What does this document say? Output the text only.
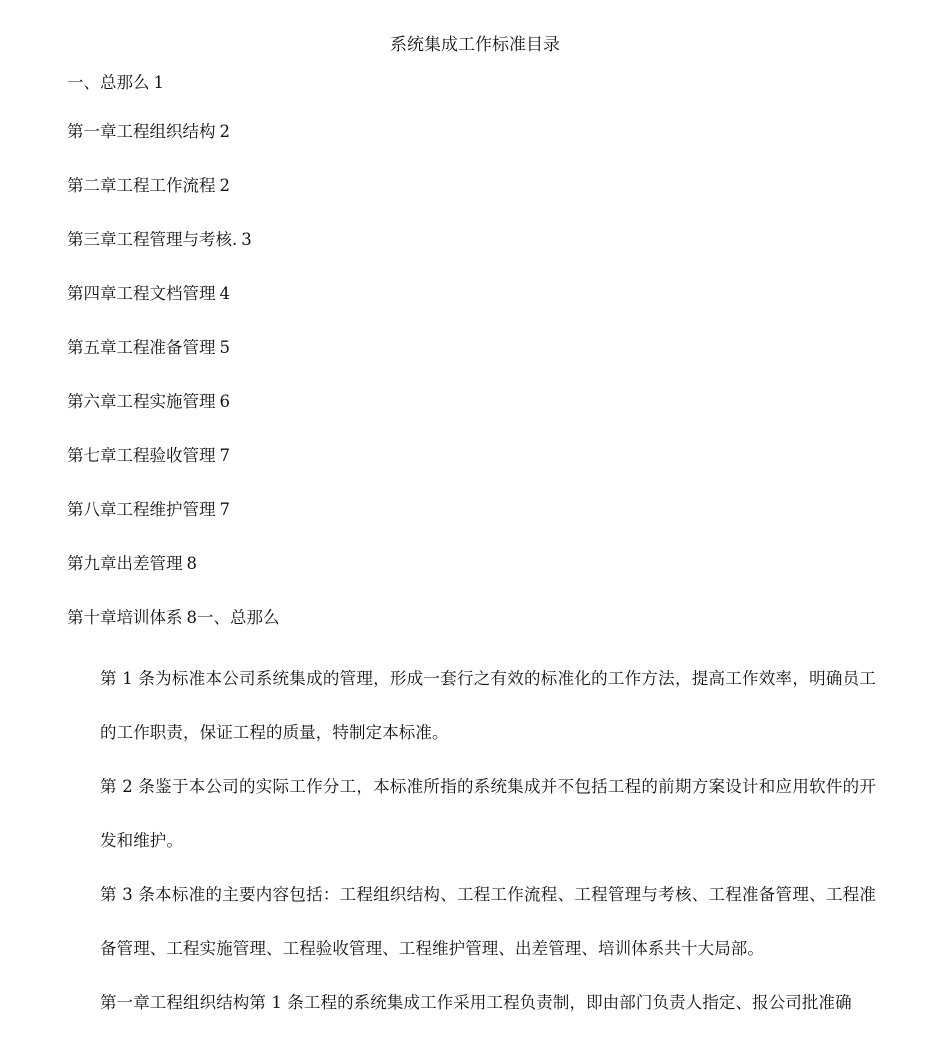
系统集成工作标准目录
一、总那么 1
第一章工程组织结构 2
第二章工程工作流程 2
第三章工程管理与考核. 3
第四章工程文档管理 4
第五章工程准备管理 5
第六章工程实施管理 6
第七章工程验收管理 7
第八章工程维护管理 7
第九章出差管理 8
第十章培训体系 8一、总那么

第 1 条为标准本公司系统集成的管理，形成一套行之有效的标准化的工作方法，提高工作效率，明确员工的工作职责，保证工程的质量，特制定本标准。

第 2 条鉴于本公司的实际工作分工，本标准所指的系统集成并不包括工程的前期方案设计和应用软件的开发和维护。

第 3 条本标准的主要内容包括：工程组织结构、工程工作流程、工程管理与考核、工程准备管理、工程准备管理、工程实施管理、工程验收管理、工程维护管理、出差管理、培训体系共十大局部。

第一章工程组织结构第 1 条工程的系统集成工作采用工程负责制，即由部门负责人指定、报公司批准确
